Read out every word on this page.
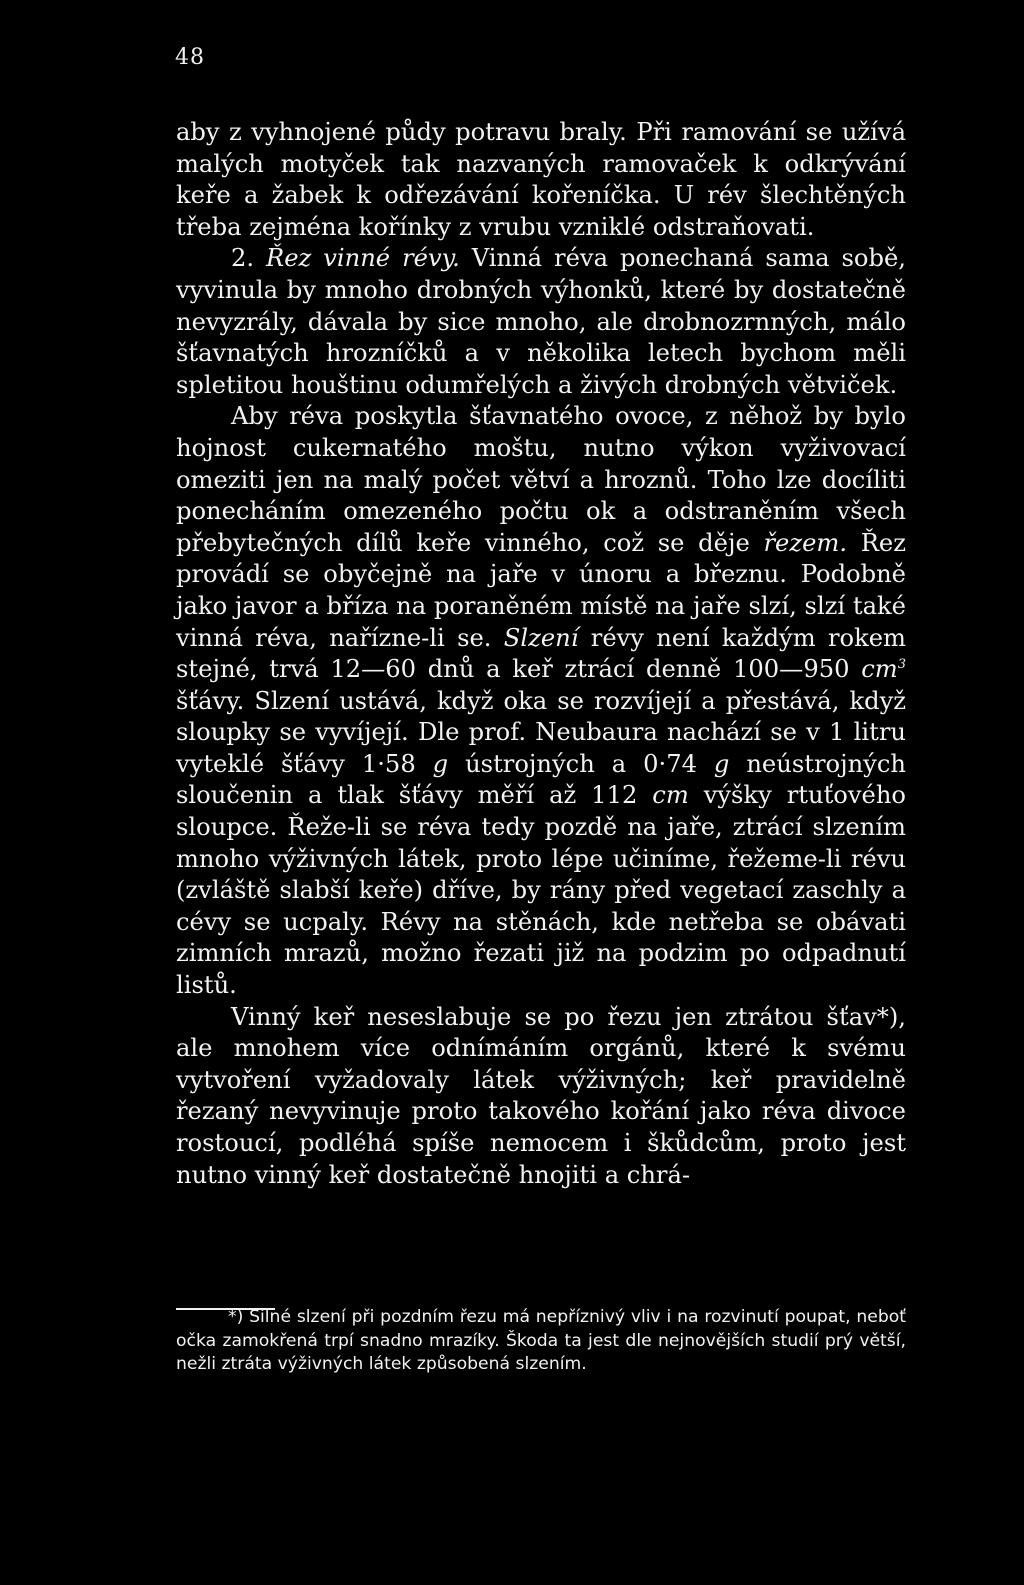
48

aby z vyhnojené půdy potravu braly. Při ramování se užívá malých motyček tak nazvaných ramovaček k odkrývání keře a žabek k odřezávání kořeníčka. U rév šlechtěných třeba zejména kořínky z vrubu vzniklé odstraňovati.

2. Řez vinné révy. Vinná réva ponechaná sama sobě, vyvinula by mnoho drobných výhonků, které by dostatečně nevyzrály, dávala by sice mnoho, ale drobnozrnných, málo šťavnatých hrozníčků a v několika letech bychom měli spletitou houštinu odumřelých a živých drobných větviček.

Aby réva poskytla šťavnatého ovoce, z něhož by bylo hojnost cukernatého moštu, nutno výkon vyživovací omeziti jen na malý počet větví a hroznů. Toho lze docíliti ponecháním omezeného počtu ok a odstraněním všech přebytečných dílů keře vinného, což se děje řezem. Řez provádí se obyčejně na jaře v únoru a březnu. Podobně jako javor a bříza na poraněném místě na jaře slzí, slzí také vinná réva, nařízne-li se. Slzení révy není každým rokem stejné, trvá 12—60 dnů a keř ztrácí denně 100—950 $cm^3$ šťávy. Slzení ustává, když oka se rozvíjejí a přestává, když sloupky se vyvíjejí. Dle prof. Neubaura nachází se v 1 litru vyteklé šťávy 1·58 g ústrojných a 0·74 g neústrojných sloučenin a tlak šťávy měří až 112 cm výšky rtuťového sloupce. Řeže-li se réva tedy pozdě na jaře, ztrácí slzením mnoho výživných látek, proto lépe učiníme, řežeme-li révu (zvláště slabší keře) dříve, by rány před vegetací zaschly a cévy se ucpaly. Révy na stěnách, kde netřeba se obávati zimních mrazů, možno řezati již na podzim po odpadnutí listů.

Vinný keř neseslabuje se po řezu jen ztrátou šťav*), ale mnohem více odnímáním orgánů, které k svému vytvoření vyžadovaly látek výživných; keř pravidelně řezaný nevyvinuje proto takového kořání jako réva divoce rostoucí, podléhá spíše nemocem i škůdcům, proto jest nutno vinný keř dostatečně hnojiti a chrá-

*) Silné slzení při pozdním řezu má nepříznivý vliv i na rozvinutí poupat, neboť očka zamokřená trpí snadno mrazíky. Škoda ta jest dle nejnovějších studií prý větší, nežli ztráta výživných látek způsobená slzením.
